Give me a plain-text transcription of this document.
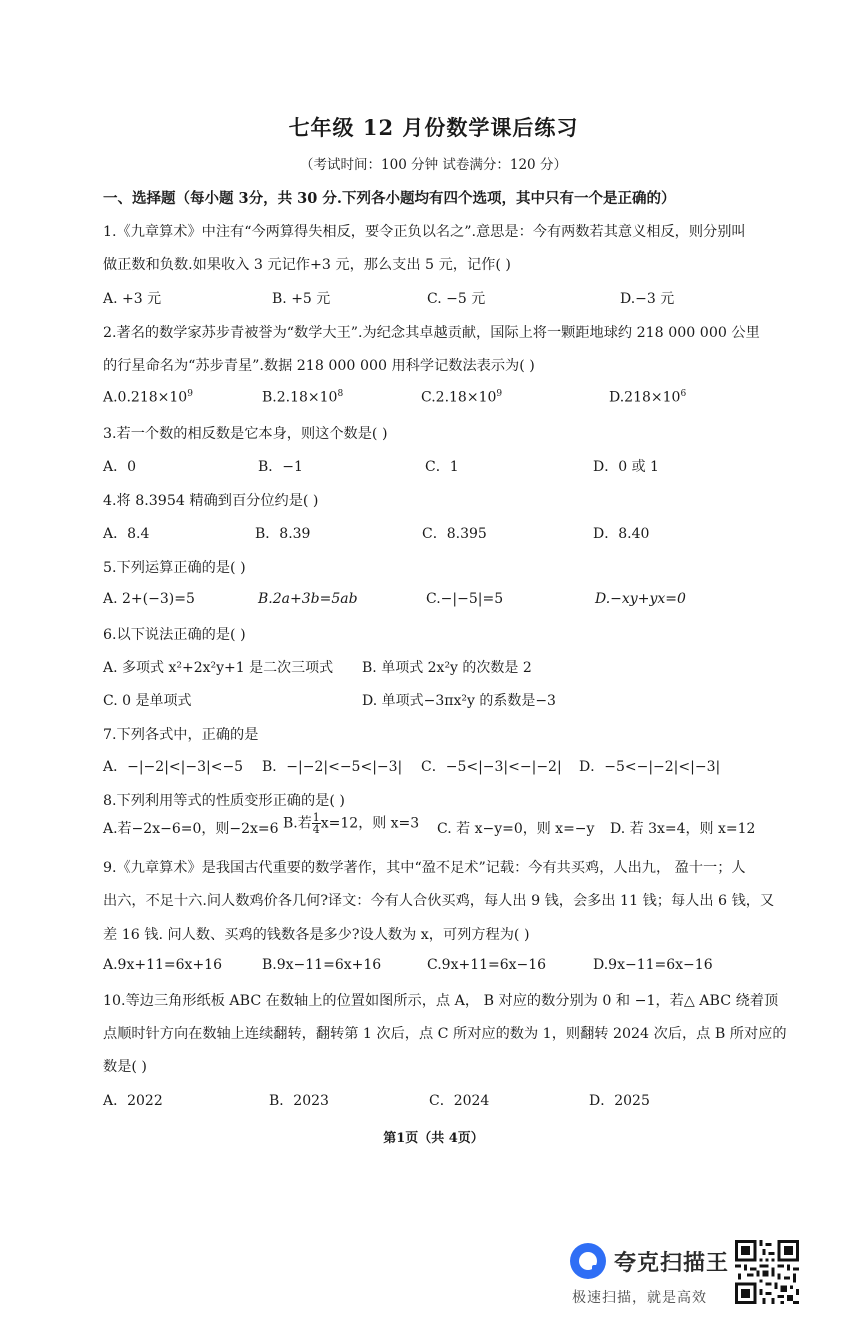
七年级 12 月份数学课后练习
（考试时间：100 分钟 试卷满分：120 分）
一、选择题（每小题 3分，共 30 分.下列各小题均有四个选项，其中只有一个是正确的）
1.《九章算术》中注有“今两算得失相反，要令正负以名之”.意思是：今有两数若其意义相反，则分别叫
做正数和负数.如果收入 3 元记作+3 元，那么支出 5 元，记作( )
A. +3 元	B. +5 元	C. −5 元	D.−3 元
2.著名的数学家苏步青被誉为“数学大王”.为纪念其卓越贡献，国际上将一颗距地球约 218 000 000 公里
的行星命名为“苏步青星”.数据 218 000 000 用科学记数法表示为( )
$A.0.218\times 10^9$	$B.2.18\times 10^8$	$C.2.18\times 10^9$	$D.218\times 10^6$
3.若一个数的相反数是它本身，则这个数是( )
A．0	B．−1	C．1	D．0 或 1
4.将 8.3954 精确到百分位约是( )
A．8.4	B．8.39	C．8.395	D．8.40
5.下列运算正确的是( )
A. 2+(−3)=5	B.2a+3b=5ab	C.−|−5|=5	D.−xy+yx=0
6.以下说法正确的是( )
A. 多项式 x²+2x²y+1 是二次三项式 B. 单项式 2x²y 的次数是 2
C. 0 是单项式	D. 单项式−3πx²y 的系数是−3
7.下列各式中，正确的是
A．−|−2|<|−3|<−5 B．−|−2|<−5<|−3| C．−5<|−3|<−|−2| D．−5<−|−2|<|−3|
8.下列利用等式的性质变形正确的是( )
A.若−2x−6=0，则−2x=6 B.若 $\frac{1}{4} x=12$，则 x=3 C. 若 x−y=0，则 x=−y D. 若 3x=4，则 x=12
9.《九章算术》是我国古代重要的数学著作，其中“盈不足术”记载：今有共买鸡，人出九， 盈十一；人
出六，不足十六.问人数鸡价各几何?译文：今有人合伙买鸡，每人出 9 钱，会多出 11 钱；每人出 6 钱，又
差 16 钱. 问人数、买鸡的钱数各是多少?设人数为 x，可列方程为( )
A.9x+11=6x+16	B.9x−11=6x+16	C.9x+11=6x−16	D.9x−11=6x−16
10.等边三角形纸板 ABC 在数轴上的位置如图所示，点 A， B 对应的数分别为 0 和 −1，若△ ABC 绕着顶
点顺时针方向在数轴上连续翻转，翻转第 1 次后，点 C 所对应的数为 1，则翻转 2024 次后，点 B 所对应的
数是( )
A．2022	B．2023	C．2024	D．2025
第1页（共 4页）
夸克扫描王
极速扫描，就是高效
